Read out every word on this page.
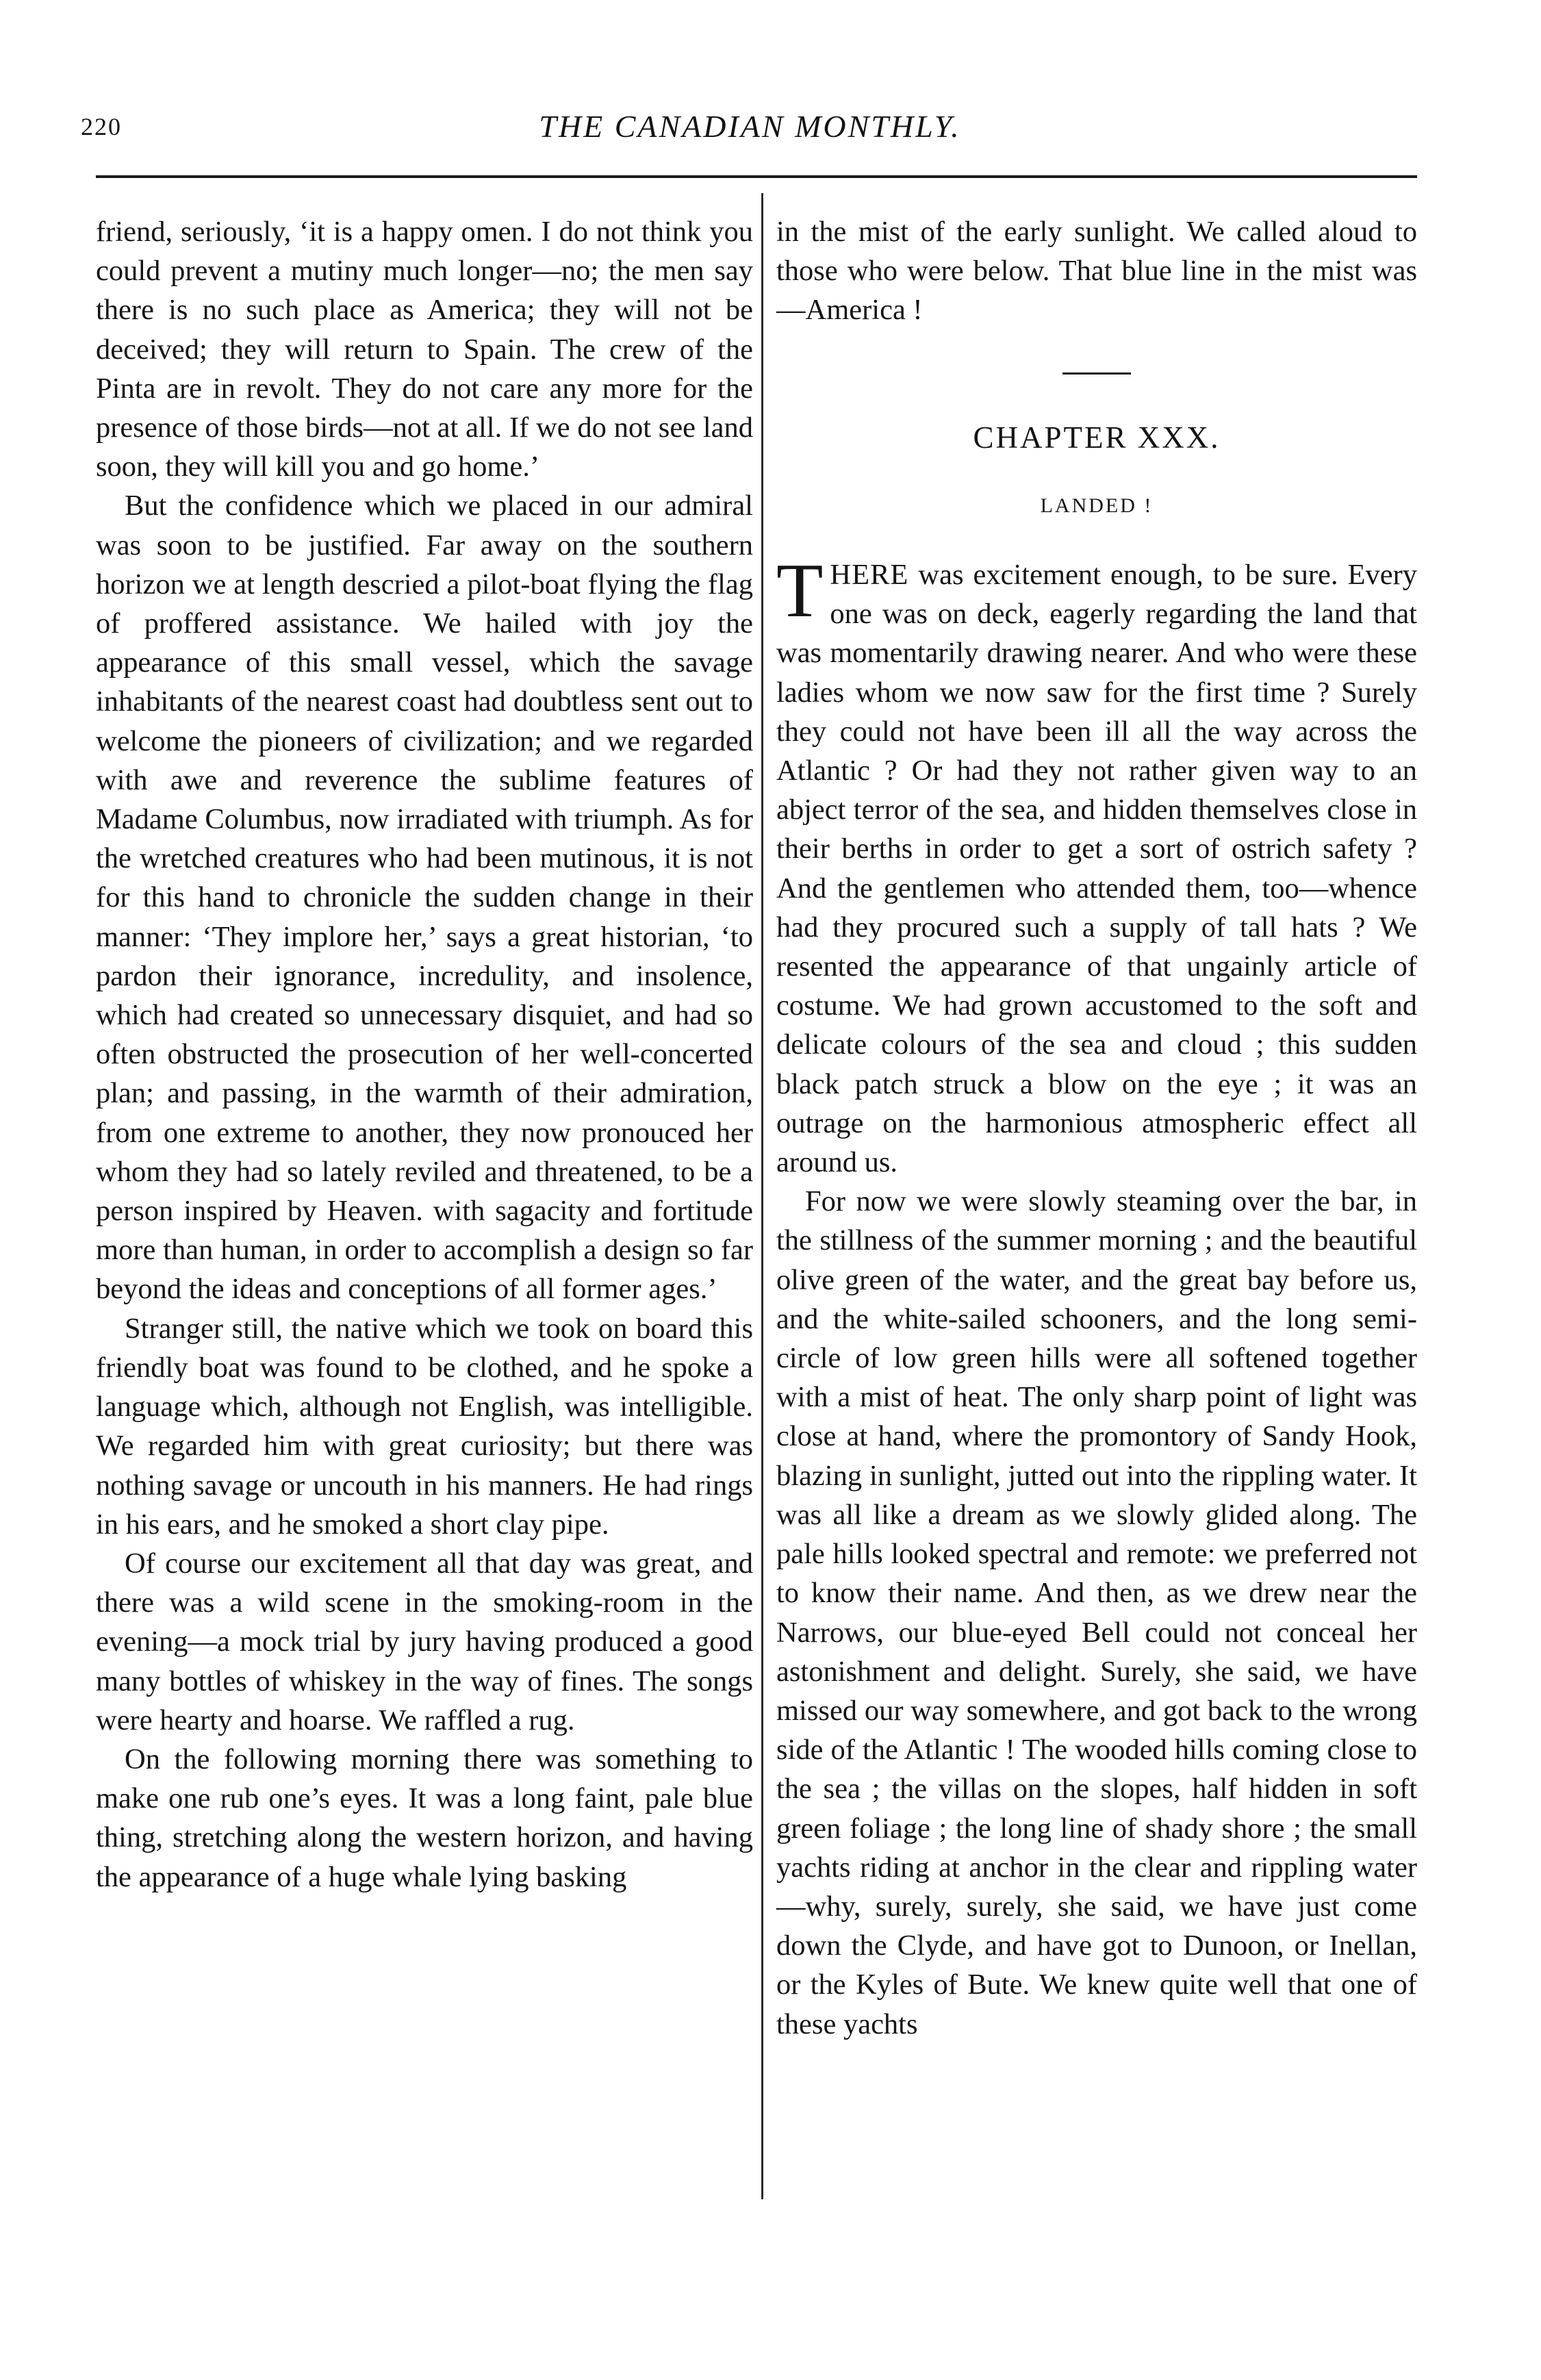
220	THE CANADIAN MONTHLY.

friend, seriously, ‘it is a happy omen. I do not think you could prevent a mutiny much longer—no; the men say there is no such place as America; they will not be deceived; they will return to Spain. The crew of the Pinta are in revolt. They do not care any more for the presence of those birds—not at all. If we do not see land soon, they will kill you and go home.’

But the confidence which we placed in our admiral was soon to be justified. Far away on the southern horizon we at length descried a pilot-boat flying the flag of proffered assistance. We hailed with joy the appearance of this small vessel, which the savage inhabitants of the nearest coast had doubtless sent out to welcome the pioneers of civilization; and we regarded with awe and reverence the sublime features of Madame Columbus, now irradiated with triumph. As for the wretched creatures who had been mutinous, it is not for this hand to chronicle the sudden change in their manner: ‘They implore her,’ says a great historian, ‘to pardon their ignorance, incredulity, and insolence, which had created so unnecessary disquiet, and had so often obstructed the prosecution of her well-concerted plan; and passing, in the warmth of their admiration, from one extreme to another, they now pronouced her whom they had so lately reviled and threatened, to be a person inspired by Heaven. with sagacity and fortitude more than human, in order to accomplish a design so far beyond the ideas and conceptions of all former ages.’

Stranger still, the native which we took on board this friendly boat was found to be clothed, and he spoke a language which, although not English, was intelligible. We regarded him with great curiosity; but there was nothing savage or uncouth in his manners. He had rings in his ears, and he smoked a short clay pipe.

Of course our excitement all that day was great, and there was a wild scene in the smoking-room in the evening—a mock trial by jury having produced a good many bottles of whiskey in the way of fines. The songs were hearty and hoarse. We raffled a rug.

On the following morning there was something to make one rub one’s eyes. It was a long faint, pale blue thing, stretching along the western horizon, and having the appearance of a huge whale lying basking

in the mist of the early sunlight. We called aloud to those who were below. That blue line in the mist was—America !

CHAPTER XXX.
LANDED !

THERE was excitement enough, to be sure. Every one was on deck, eagerly regarding the land that was momentarily drawing nearer. And who were these ladies whom we now saw for the first time ? Surely they could not have been ill all the way across the Atlantic ? Or had they not rather given way to an abject terror of the sea, and hidden themselves close in their berths in order to get a sort of ostrich safety ? And the gentlemen who attended them, too—whence had they procured such a supply of tall hats ? We resented the appearance of that ungainly article of costume. We had grown accustomed to the soft and delicate colours of the sea and cloud ; this sudden black patch struck a blow on the eye ; it was an outrage on the harmonious atmospheric effect all around us.

For now we were slowly steaming over the bar, in the stillness of the summer morning ; and the beautiful olive green of the water, and the great bay before us, and the white-sailed schooners, and the long semicircle of low green hills were all softened together with a mist of heat. The only sharp point of light was close at hand, where the promontory of Sandy Hook, blazing in sunlight, jutted out into the rippling water. It was all like a dream as we slowly glided along. The pale hills looked spectral and remote: we preferred not to know their name. And then, as we drew near the Narrows, our blue-eyed Bell could not conceal her astonishment and delight. Surely, she said, we have missed our way somewhere, and got back to the wrong side of the Atlantic ! The wooded hills coming close to the sea ; the villas on the slopes, half hidden in soft green foliage ; the long line of shady shore ; the small yachts riding at anchor in the clear and rippling water—why, surely, surely, she said, we have just come down the Clyde, and have got to Dunoon, or Inellan, or the Kyles of Bute. We knew quite well that one of these yachts
